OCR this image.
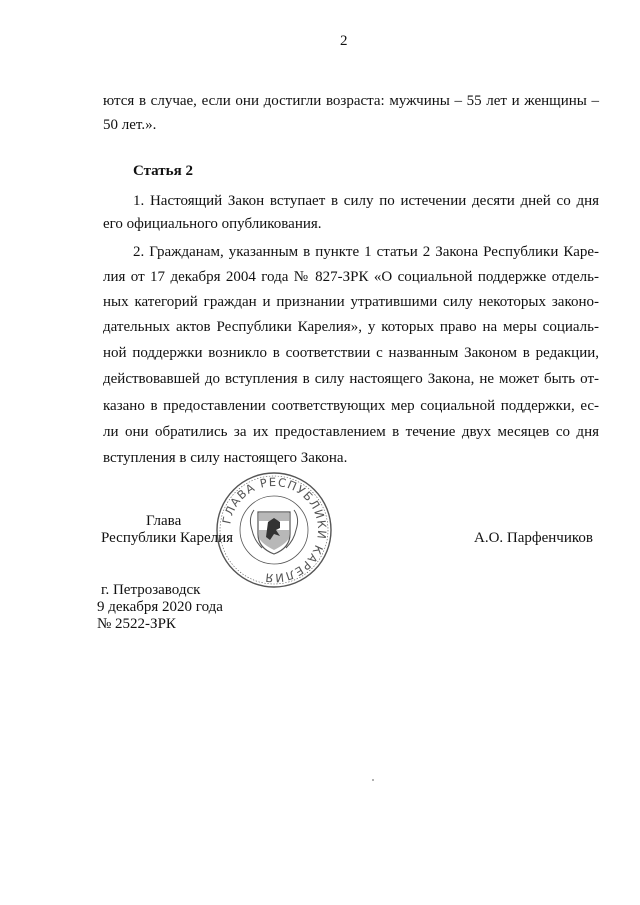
2
ются в случае, если они достигли возраста: мужчины – 55 лет и женщины –
50 лет.».
Статья 2
1. Настоящий Закон вступает в силу по истечении десяти дней со дня
его официального опубликования.
2. Гражданам, указанным в пункте 1 статьи 2 Закона Республики Каре-
лия от 17 декабря 2004 года № 827-ЗРК «О социальной поддержке отдель-
ных категорий граждан и признании утратившими силу некоторых законо-
дательных актов Республики Карелия», у которых право на меры социаль-
ной поддержки возникло в соответствии с названным Законом в редакции,
действовавшей до вступления в силу настоящего Закона, не может быть от-
казано в предоставлении соответствующих мер социальной поддержки, ес-
ли они обратились за их предоставлением в течение двух месяцев со дня
вступления в силу настоящего Закона.
ГЛАВА РЕСПУБЛИКИ КАРЕЛИЯ
Глава
Республики Карелия	А.О. Парфенчиков
г. Петрозаводск
9 декабря 2020 года
№ 2522-ЗРК
